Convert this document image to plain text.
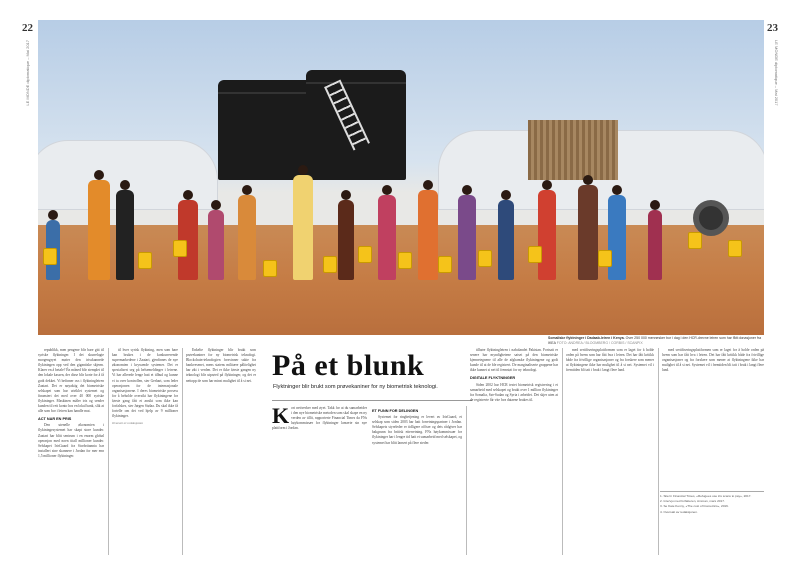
22	23
LE MONDE diplomatique – Mai 2017	LE MONDE diplomatique – Mai 2017
Somaliske flyktninger i Dadaab-leiren i Kenya. Over 250 000 mennesker bor i dag i den HCR-drevne leiren som har fått donasjoner fra IKEA FOTO: ANDREA / BLOOMBERG / CORBIS / SCANPIX

republikk, men pengene blir bare gitt til syriske flyktninger. I det skurrelagte morgengryet møter den irisskannede flyktningen opp ved den gigantiske skjerm. Klarer en å betale? Én måned blir stemplet til den lokale kassen, der disse blir korte for å få godt dekket. Vi befinner oss i flyktningleiren Zaatari. Det er nøyaktig det biometriske selskapet som har utviklet systemet og finansiert det med over 40 000 syriske flyktninger. Maskinen måler iris og sender kunden til rett konto hos en lokal bank, slik at alle som bor i leiren kan handle mat.

ACT NAR EN PRIS

Den utenelle økonomien i flyktningesystemet har skapt store kunder. Zaatari har blitt sentrum i en enorm global operasjon med noen titall millioner kunder. Selskapet IrisGuard fra Storbritannia har installert sine skannere i Jordan for mer enn 1,5 millioner flyktninger.

til hver syrisk flyktning, men som bare kan brukes i de konkurrerende supermarkedene i Zaatari, gjenfinnes de nye økonomien i kryssende systemer. Det er spesialisert seg på helsemeldinger i leirene. Vi har allerede lenge hatt et tilbud og kunne vi ta over kontrollen, sier Gerhart, som leder operasjonen for de internasjonale organisasjonene. I deres biometriske prosess for å beholde oversikt har flyktningene for første gang fått et ansikt som ikke kan forfalskes, sier Jørgen Stølaa. Du skal ikke få fortelle om det ved hjelp av 9 millioner flyktninger.

Oversatt av redaksjonen

Enkelte flyktninger blir brukt som prøvekaniner for ny biometrisk teknologi. Blockchain-teknologien forsvinner sakte fra bankvesenet, mens statens militære pålitelighet har økt i verden. Det er ikke første gangen ny teknologi blir utprøvd på flyktninger, og det er nettopp de som har minst mulighet til å si nei. På et blunk
Flyktninger blir brukt som prøvekaniner for ny biometrisk teknologi.
K ort nettverker med øyet. Takk for at du samarbeider i den nye biometriske metoden som skal skape en ny verden av tillit, rapporterte Financial Times da FNs høykommissær for flyktninger lanserte sin nye plattform i Jordan.
ET FUNN FOR DELINGEN

Systemet for ringbetjening er levert av IrisGuard, et selskap som siden 2003 har hatt forretningspartner i Jordan. Selskapets styreleder er tidligere offiser og dets rådgiver har bakgrunn fra britisk etterretning. FNs høykommissær for flyktninger har i lengre tid hatt et samarbeid med selskapet, og systemet har blitt lansert på flere steder.

tilhøre flyktningleiren i nabolandet Pakistan. Fortsatt er senere har myndighetene satset på den biometriske kjennetegnene til alle de afghanske flyktningene og godt kunde til at de ble registrert. De marginaliserte gruppene har ikke kunnet si nei til fremstøt for ny teknologi.

DIGITALE FLYKTNINGER

Siden 2002 har HCR testet biometrisk registrering i et samarbeid med selskapet og brukt over 1 million flyktninger fra Somalia, Sør-Sudan og Syria i arbeidet. Det skjer uten at de registrerte får vite hva dataene brukes til.

med sertifiseringsplattformen som er laget for å holde orden på hvem som har fått hva i leiren. Det har fått kritikk både fra frivillige organisasjoner og fra forskere som mener at flyktningene ikke har mulighet til å si nei. Systemet vil i fremtiden bli tatt i bruk i langt flere land.

med sertifiseringsplattformen som er laget for å holde orden på hvem som har fått hva i leiren. Det har fått kritikk både fra frivillige organisasjoner og fra forskere som mener at flyktningene ikke har mulighet til å si nei. Systemet vil i fremtiden bli tatt i bruk i langt flere land.

1. Sitert i Financial Times, «Refugees use iris scans to pay», 2017.
2. Intervju med forfatteren, Amman, mars 2017.
3. Se Kate Kenny, «The cost of biometrics», 2016.
4. Oversatt av redaksjonen.
